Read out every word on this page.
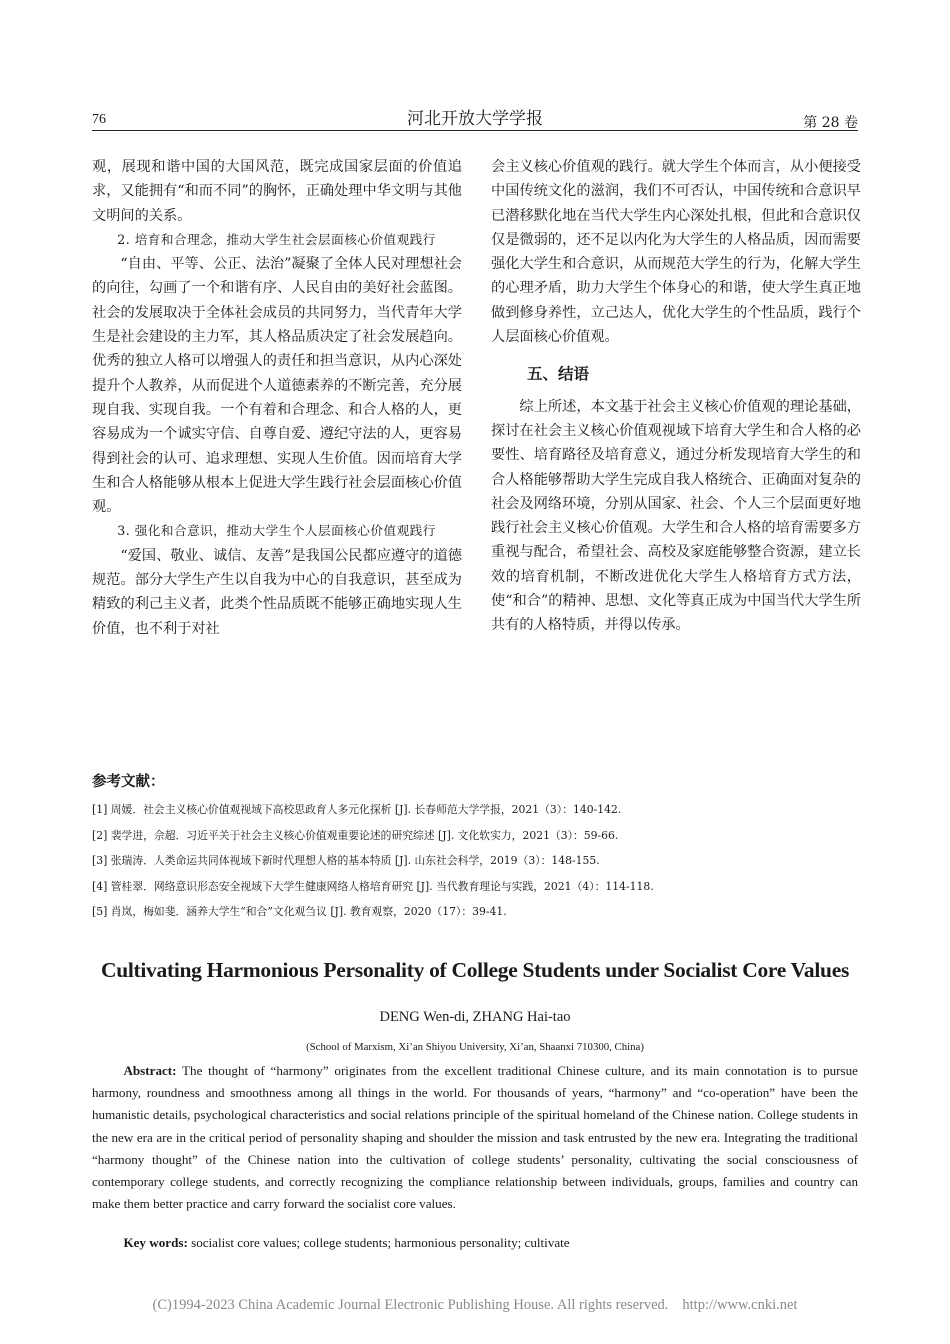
76	河北开放大学学报	第 28 卷

观，展现和谐中国的大国风范，既完成国家层面的价值追求，又能拥有“和而不同”的胸怀，正确处理中华文明与其他文明间的关系。

2. 培育和合理念，推动大学生社会层面核心价值观践行

“自由、平等、公正、法治”凝聚了全体人民对理想社会的向往，勾画了一个和谐有序、人民自由的美好社会蓝图。社会的发展取决于全体社会成员的共同努力，当代青年大学生是社会建设的主力军，其人格品质决定了社会发展趋向。优秀的独立人格可以增强人的责任和担当意识，从内心深处提升个人教养，从而促进个人道德素养的不断完善，充分展现自我、实现自我。一个有着和合理念、和合人格的人，更容易成为一个诚实守信、自尊自爱、遵纪守法的人，更容易得到社会的认可、追求理想、实现人生价值。因而培育大学生和合人格能够从根本上促进大学生践行社会层面核心价值观。

3. 强化和合意识，推动大学生个人层面核心价值观践行

“爱国、敬业、诚信、友善”是我国公民都应遵守的道德规范。部分大学生产生以自我为中心的自我意识，甚至成为精致的利己主义者，此类个性品质既不能够正确地实现人生价值，也不利于对社

会主义核心价值观的践行。就大学生个体而言，从小便接受中国传统文化的滋润，我们不可否认，中国传统和合意识早已潜移默化地在当代大学生内心深处扎根，但此和合意识仅仅是微弱的，还不足以内化为大学生的人格品质，因而需要强化大学生和合意识，从而规范大学生的行为，化解大学生的心理矛盾，助力大学生个体身心的和谐，使大学生真正地做到修身养性，立己达人，优化大学生的个性品质，践行个人层面核心价值观。

五、结语

综上所述，本文基于社会主义核心价值观的理论基础，探讨在社会主义核心价值观视域下培育大学生和合人格的必要性、培育路径及培育意义，通过分析发现培育大学生的和合人格能够帮助大学生完成自我人格统合、正确面对复杂的社会及网络环境，分别从国家、社会、个人三个层面更好地践行社会主义核心价值观。大学生和合人格的培育需要多方重视与配合，希望社会、高校及家庭能够整合资源，建立长效的培育机制，不断改进优化大学生人格培育方式方法，使“和合”的精神、思想、文化等真正成为中国当代大学生所共有的人格特质，并得以传承。

参考文献：

[1] 周媛．社会主义核心价值观视域下高校思政育人多元化探析 [J]. 长春师范大学学报，2021（3）：140-142.

[2] 裴学进，佘超．习近平关于社会主义核心价值观重要论述的研究综述 [J]. 文化软实力，2021（3）：59-66.

[3] 张瑞涛．人类命运共同体视域下新时代理想人格的基本特质 [J]. 山东社会科学，2019（3）：148-155.

[4] 管桂翠．网络意识形态安全视域下大学生健康网络人格培育研究 [J]. 当代教育理论与实践，2021（4）：114-118.

[5] 肖岚，梅如斐．涵养大学生“和合”文化观刍议 [J]. 教育观察，2020（17）：39-41.

Cultivating Harmonious Personality of College Students under Socialist Core Values
DENG Wen-di, ZHANG Hai-tao
(School of Marxism, Xi’an Shiyou University, Xi’an, Shaanxi 710300, China)

Abstract: The thought of “harmony” originates from the excellent traditional Chinese culture, and its main connotation is to pursue harmony, roundness and smoothness among all things in the world. For thousands of years, “harmony” and “co-operation” have been the humanistic details, psychological characteristics and social relations principle of the spiritual homeland of the Chinese nation. College students in the new era are in the critical period of personality shaping and shoulder the mission and task entrusted by the new era. Integrating the traditional “harmony thought” of the Chinese nation into the cultivation of college students’ personality, cultivating the social consciousness of contemporary college students, and correctly recognizing the compliance relationship between individuals, groups, families and country can make them better practice and carry forward the socialist core values.

Key words: socialist core values; college students; harmonious personality; cultivate

(C)1994-2023 China Academic Journal Electronic Publishing House. All rights reserved. http://www.cnki.net
